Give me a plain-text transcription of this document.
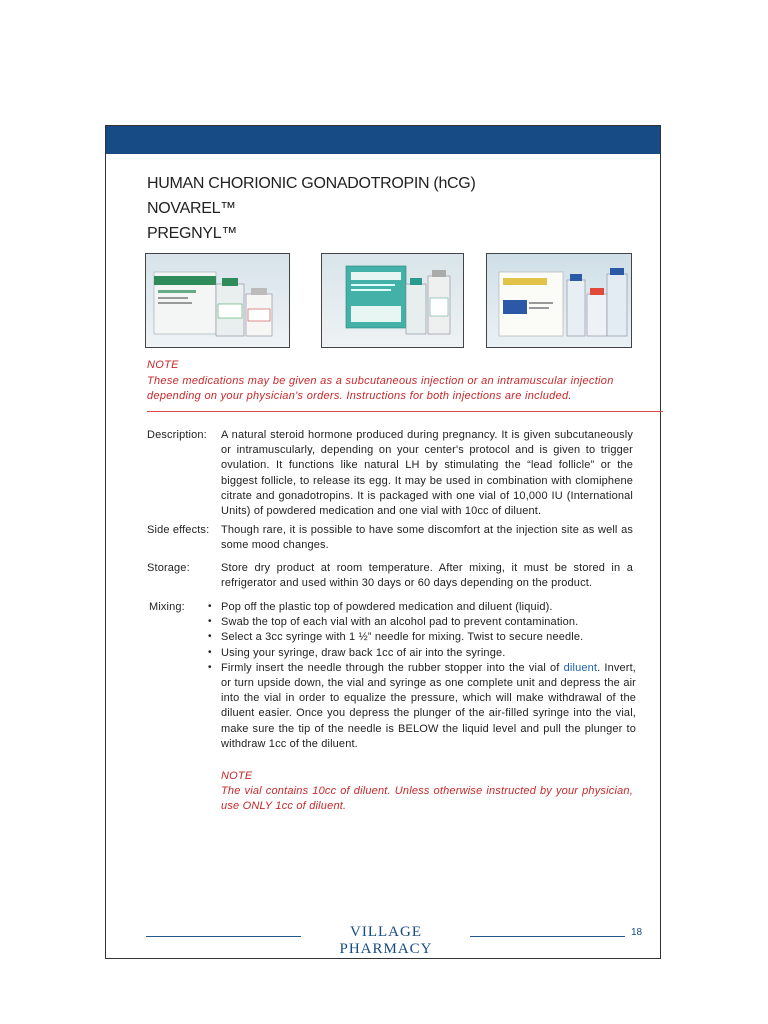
HUMAN CHORIONIC GONADOTROPIN (hCG)
NOVAREL™
PREGNYL™
NOTE
These medications may be given as a subcutaneous injection or an intramuscular injection depending on your physician's orders. Instructions for both injections are included.
Description:	A natural steroid hormone produced during pregnancy. It is given subcutaneously or intramuscularly, depending on your center's protocol and is given to trigger ovulation. It functions like natural LH by stimulating the “lead follicle” or the biggest follicle, to release its egg. It may be used in combination with clomiphene citrate and gonadotropins. It is packaged with one vial of 10,000 IU (International Units) of powdered medication and one vial with 10cc of diluent.
Side effects:	Though rare, it is possible to have some discomfort at the injection site as well as some mood changes.
Storage:	Store dry product at room temperature. After mixing, it must be stored in a refrigerator and used within 30 days or 60 days depending on the product.
Mixing:
•	Pop off the plastic top of powdered medication and diluent (liquid).
• Swab the top of each vial with an alcohol pad to prevent contamination.
• Select a 3cc syringe with 1 ½” needle for mixing. Twist to secure needle.
• Using your syringe, draw back 1cc of air into the syringe.
• Firmly insert the needle through the rubber stopper into the vial of diluent. Invert, or turn upside down, the vial and syringe as one complete unit and depress the air into the vial in order to equalize the pressure, which will make withdrawal of the diluent easier. Once you depress the plunger of the air-filled syringe into the vial, make sure the tip of the needle is BELOW the liquid level and pull the plunger to withdraw 1cc of the diluent.
NOTE
The vial contains 10cc of diluent. Unless otherwise instructed by your physician, use ONLY 1cc of diluent.
VILLAGE PHARMACY
18
